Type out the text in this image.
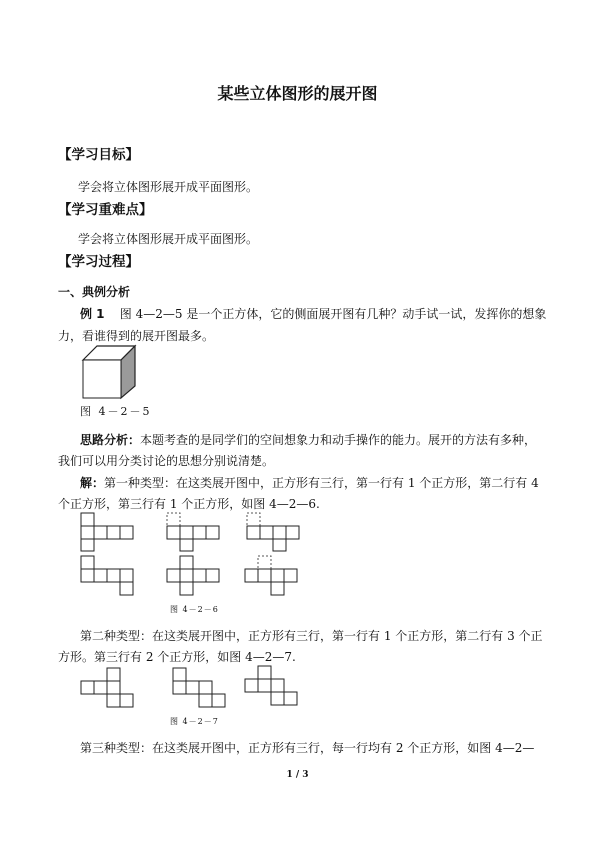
某些立体图形的展开图
【学习目标】
学会将立体图形展开成平面图形。
【学习重难点】
学会将立体图形展开成平面图形。
【学习过程】
一、典例分析
例 1 图 4—2—5 是一个正方体，它的侧面展开图有几种？动手试一试，发挥你的想象
力，看谁得到的展开图最多。
图 4－2－5
思路分析：本题考查的是同学们的空间想象力和动手操作的能力。展开的方法有多种，
我们可以用分类讨论的思想分别说清楚。
解：第一种类型：在这类展开图中，正方形有三行，第一行有 1 个正方形，第二行有 4
个正方形，第三行有 1 个正方形，如图 4—2—6.
图 4－2－6
第二种类型：在这类展开图中，正方形有三行，第一行有 1 个正方形，第二行有 3 个正
方形。第三行有 2 个正方形，如图 4—2—7.
图 4－2－7
第三种类型：在这类展开图中，正方形有三行，每一行均有 2 个正方形，如图 4—2—
1 / 3
